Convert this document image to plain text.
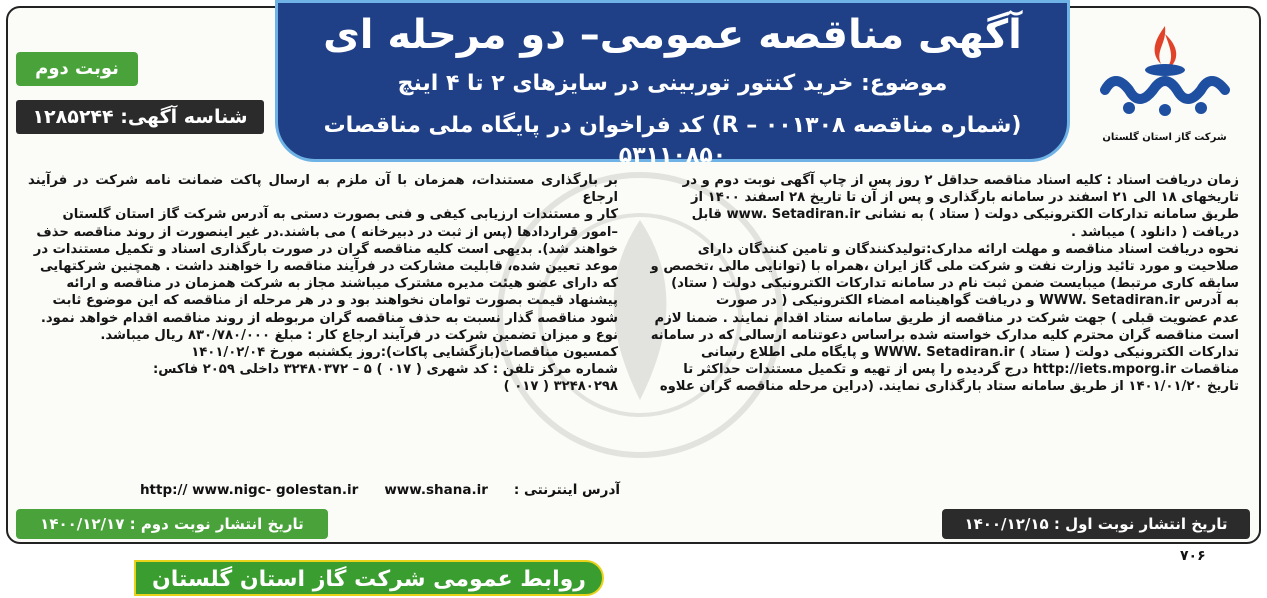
آگهی مناقصه عمومی– دو مرحله ای
موضوع: خرید کنتور توربینی در سایزهای ۲ تا ۴ اینچ
(شماره مناقصه R – ۰۰۱۳۰۸) کد فراخوان در پایگاه ملی مناقصات ۵۳۱۱۰۸۵۰
شرکت گاز استان گلستان
نوبت دوم
شناسه آگهی: ۱۲۸۵۲۴۴

زمان دریافت اسناد : کلیه اسناد مناقصه حداقل ۲ روز پس از چاپ آگهی نوبت دوم و در

تاریخهای ۱۸ الی ۲۱ اسفند در سامانه بارگذاری و پس از آن تا تاریخ ۲۸ اسفند ۱۴۰۰ از

طریق سامانه تدارکات الکترونیکی دولت ( ستاد ) به نشانی www. Setadiran.ir قابل

دریافت ( دانلود ) میباشد .

نحوه دریافت اسناد مناقصه و مهلت ارائه مدارک:تولیدکنندگان و تامین کنندگان دارای

صلاحیت و مورد تائید وزارت نفت و شرکت ملی گاز ایران ،همراه با (توانایی مالی ،تخصص و

سابقه کاری مرتبط) میبایست ضمن ثبت نام در سامانه تدارکات الکترونیکی دولت ( ستاد)

به آدرس WWW. Setadiran.ir و دریافت گواهینامه امضاء الکترونیکی ( در صورت

عدم عضویت قبلی ) جهت شرکت در مناقصه از طریق سامانه ستاد اقدام نمایند . ضمنا لازم

است مناقصه گران محترم کلیه مدارک خواسته شده براساس دعوتنامه ارسالی که در سامانه

تدارکات الکترونیکی دولت ( ستاد ) WWW. Setadiran.ir و پایگاه ملی اطلاع رسانی

مناقصات http://iets.mporg.ir درج گردیده را پس از تهیه و تکمیل مستندات حداکثر تا

تاریخ ۱۴۰۱/۰۱/۲۰ از طریق سامانه ستاد بارگذاری نمایند. (دراین مرحله مناقصه گران علاوه

بر بارگذاری مستندات، همزمان با آن ملزم به ارسال پاکت ضمانت نامه شرکت در فرآیند ارجاع

کار و مستندات ارزیابی کیفی و فنی بصورت دستی به آدرس شرکت گاز استان گلستان

–امور قراردادها (پس از ثبت در دبیرخانه ) می باشند.در غیر اینصورت از روند مناقصه حذف

خواهند شد). بدیهی است کلیه مناقصه گران در صورت بارگذاری اسناد و تکمیل مستندات در

موعد تعیین شده، قابلیت مشارکت در فرآیند مناقصه را خواهند داشت . همچنین شرکتهایی

که دارای عضو هیئت مدیره مشترک میباشند مجاز به شرکت همزمان در مناقصه و ارائه

پیشنهاد قیمت بصورت توامان نخواهند بود و در هر مرحله از مناقصه که این موضوع ثابت

شود مناقصه گذار نسبت به حذف مناقصه گران مربوطه از روند مناقصه اقدام خواهد نمود.

نوع و میزان تضمین شرکت در فرآیند ارجاع کار : مبلغ ۸۳۰/۷۸۰/۰۰۰ ریال میباشد.

کمسیون مناقصات(بازگشایی پاکات):روز یکشنبه مورخ ۱۴۰۱/۰۲/۰۴

شماره مرکز تلفن : کد شهری ( ۰۱۷ ) ۵ – ۳۲۴۸۰۳۷۲ داخلی ۲۰۵۹ فاکس:

۳۲۴۸۰۲۹۸ ( ۰۱۷ )

آدرس اینترنتی :
www.shana.ir
http:// www.nigc- golestan.ir
تاریخ انتشار نوبت اول : ۱۴۰۰/۱۲/۱۵
تاریخ انتشار نوبت دوم : ۱۴۰۰/۱۲/۱۷
۷۰۶
روابط عمومی شرکت گاز استان گلستان
